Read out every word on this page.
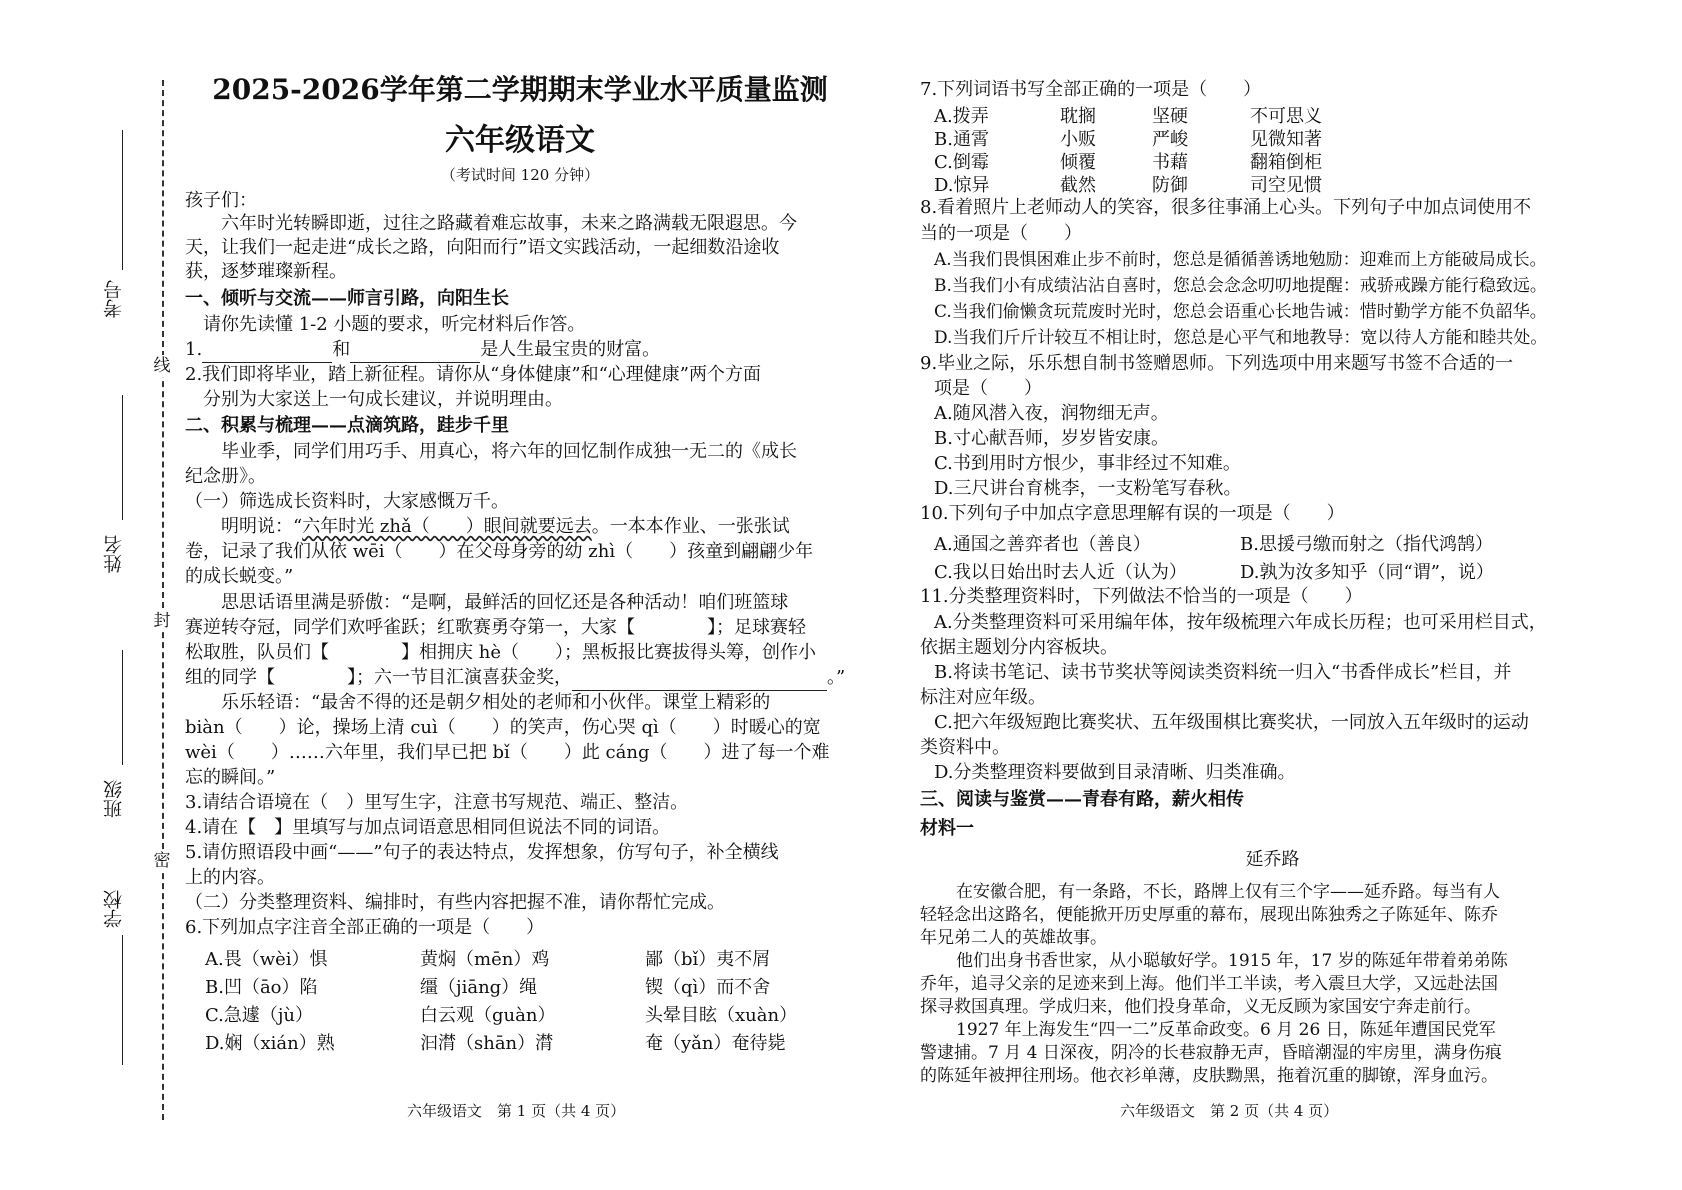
线
封
密
考号
姓名
班级
学校
2025-2026学年第二学期期末学业水平质量监测
六年级语文
（考试时间 120 分钟）
孩子们：
六年时光转瞬即逝，过往之路藏着难忘故事，未来之路满载无限遐思。今
天，让我们一起走进“成长之路，向阳而行”语文实践活动，一起细数沿途收
获，逐梦璀璨新程。
一、倾听与交流——师言引路，向阳生长
请你先读懂 1-2 小题的要求，听完材料后作答。
1.	和	是人生最宝贵的财富。
2.我们即将毕业，踏上新征程。请你从“身体健康”和“心理健康”两个方面
分别为大家送上一句成长建议，并说明理由。
二、积累与梳理——点滴筑路，跬步千里
毕业季，同学们用巧手、用真心，将六年的回忆制作成独一无二的《成长
纪念册》。
（一）筛选成长资料时，大家感慨万千。
明明说：“六年时光 zhǎ（　　）眼间就要远去。一本本作业、一张张试
卷，记录了我们从依 wēi（　　）在父母身旁的幼 zhì（　　）孩童到翩翩少年
的成长蜕变。”
思思话语里满是骄傲：“是啊，最鲜活的回忆还是各种活动！咱们班篮球
赛逆转夺冠，同学们欢呼雀跃；红歌赛勇夺第一，大家【　　　　】；足球赛轻
松取胜，队员们【　　　　】相拥庆 hè（　　）；黑板报比赛拔得头筹，创作小
组的同学【　　　　】；六一节目汇演喜获金奖，	。”
乐乐轻语：“最舍不得的还是朝夕相处的老师和小伙伴。课堂上精彩的
biàn（　　）论，操场上清 cuì（　　）的笑声，伤心哭 qì（　　）时暖心的宽
wèi（　　）……六年里，我们早已把 bǐ（　　）此 cáng（　　）进了每一个难
忘的瞬间。”
3.请结合语境在（　）里写生字，注意书写规范、端正、整洁。
4.请在【　】里填写与加点词语意思相同但说法不同的词语。
5.请仿照语段中画“——”句子的表达特点，发挥想象，仿写句子，补全横线
上的内容。
（二）分类整理资料、编排时，有些内容把握不准，请你帮忙完成。
6.下列加点字注音全部正确的一项是（　　）
A.畏（wèi）惧	黄焖（mēn）鸡	鄙（bǐ）夷不屑
B.凹（āo）陷	缰（jiāng）绳	锲（qì）而不舍
C.急遽（jù）	白云观（guàn）	头晕目眩（xuàn）
D.娴（xián）熟	汩潸（shān）潸	奄（yǎn）奄待毙
六年级语文　第 1 页（共 4 页）
7.下列词语书写全部正确的一项是（　　）
A.拨弄	耽搁	坚硬	不可思义
B.通霄	小贩	严峻	见微知著
C.倒霉	倾覆	书藉	翻箱倒柜
D.惊异	截然	防御	司空见惯
8.看着照片上老师动人的笑容，很多往事涌上心头。下列句子中加点词使用不
当的一项是（　　）
A.当我们畏惧困难止步不前时，您总是循循善诱地勉励：迎难而上方能破局成长。
B.当我们小有成绩沾沾自喜时，您总会念念叨叨地提醒：戒骄戒躁方能行稳致远。
C.当我们偷懒贪玩荒废时光时，您总会语重心长地告诫：惜时勤学方能不负韶华。
D.当我们斤斤计较互不相让时，您总是心平气和地教导：宽以待人方能和睦共处。
9.毕业之际，乐乐想自制书签赠恩师。下列选项中用来题写书签不合适的一
项是（　　）
A.随风潜入夜，润物细无声。
B.寸心献吾师，岁岁皆安康。
C.书到用时方恨少，事非经过不知难。
D.三尺讲台育桃李，一支粉笔写春秋。
10.下列句子中加点字意思理解有误的一项是（　　）
A.通国之善弈者也（善良）	B.思援弓缴而射之（指代鸿鹄）
C.我以日始出时去人近（认为）	D.孰为汝多知乎（同“谓”，说）
11.分类整理资料时，下列做法不恰当的一项是（　　）
A.分类整理资料可采用编年体，按年级梳理六年成长历程；也可采用栏目式，
依据主题划分内容板块。
B.将读书笔记、读书节奖状等阅读类资料统一归入“书香伴成长”栏目，并
标注对应年级。
C.把六年级短跑比赛奖状、五年级围棋比赛奖状，一同放入五年级时的运动
类资料中。
D.分类整理资料要做到目录清晰、归类准确。
三、阅读与鉴赏——青春有路，薪火相传
材料一
延乔路
在安徽合肥，有一条路，不长，路牌上仅有三个字——延乔路。每当有人
轻轻念出这路名，便能掀开历史厚重的幕布，展现出陈独秀之子陈延年、陈乔
年兄弟二人的英雄故事。
他们出身书香世家，从小聪敏好学。1915 年，17 岁的陈延年带着弟弟陈
乔年，追寻父亲的足迹来到上海。他们半工半读，考入震旦大学，又远赴法国
探寻救国真理。学成归来，他们投身革命，义无反顾为家国安宁奔走前行。
1927 年上海发生“四一二”反革命政变。6 月 26 日，陈延年遭国民党军
警逮捕。7 月 4 日深夜，阴冷的长巷寂静无声，昏暗潮湿的牢房里，满身伤痕
的陈延年被押往刑场。他衣衫单薄，皮肤黝黑，拖着沉重的脚镣，浑身血污。
六年级语文　第 2 页（共 4 页）
